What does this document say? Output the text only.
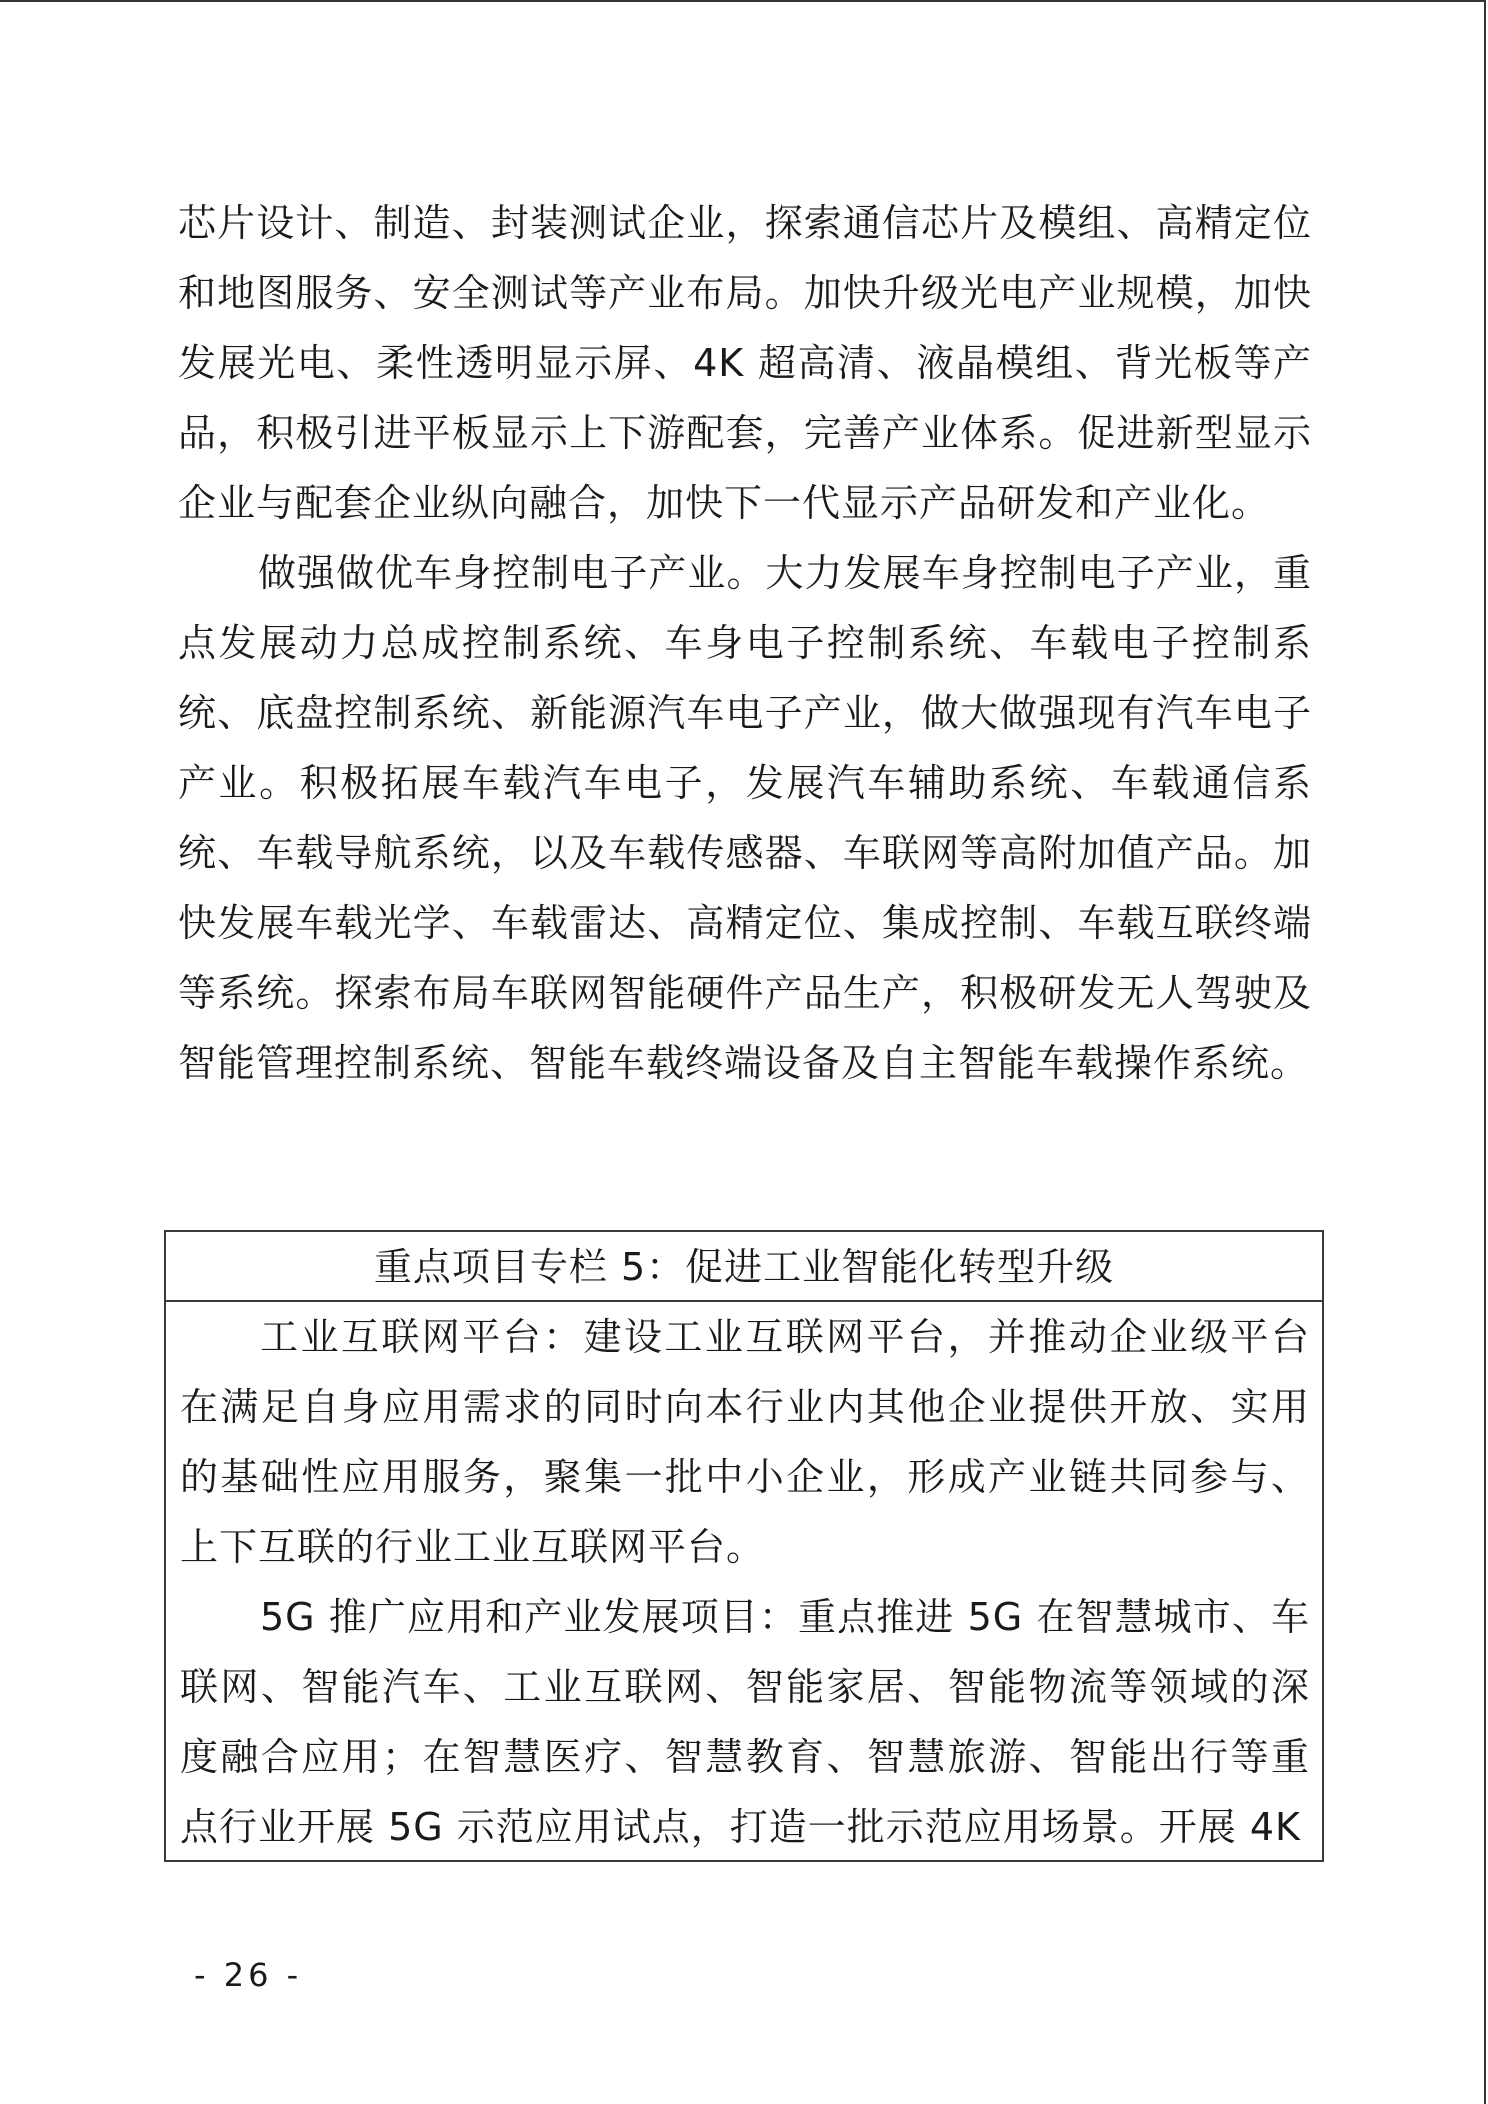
芯片设计、制造、封装测试企业，探索通信芯片及模组、高精定位和地图服务、安全测试等产业布局。加快升级光电产业规模，加快发展光电、柔性透明显示屏、4K 超高清、液晶模组、背光板等产品，积极引进平板显示上下游配套，完善产业体系。促进新型显示企业与配套企业纵向融合，加快下一代显示产品研发和产业化。

做强做优车身控制电子产业。大力发展车身控制电子产业，重点发展动力总成控制系统、车身电子控制系统、车载电子控制系统、底盘控制系统、新能源汽车电子产业，做大做强现有汽车电子产业。积极拓展车载汽车电子，发展汽车辅助系统、车载通信系统、车载导航系统，以及车载传感器、车联网等高附加值产品。加快发展车载光学、车载雷达、高精定位、集成控制、车载互联终端等系统。探索布局车联网智能硬件产品生产，积极研发无人驾驶及智能管理控制系统、智能车载终端设备及自主智能车载操作系统。

重点项目专栏 5：促进工业智能化转型升级

工业互联网平台：建设工业互联网平台，并推动企业级平台在满足自身应用需求的同时向本行业内其他企业提供开放、实用的基础性应用服务，聚集一批中小企业，形成产业链共同参与、上下互联的行业工业互联网平台。

5G 推广应用和产业发展项目：重点推进 5G 在智慧城市、车联网、智能汽车、工业互联网、智能家居、智能物流等领域的深度融合应用；在智慧医疗、智慧教育、智慧旅游、智能出行等重点行业开展 5G 示范应用试点，打造一批示范应用场景。开展 4K

- 26 -
